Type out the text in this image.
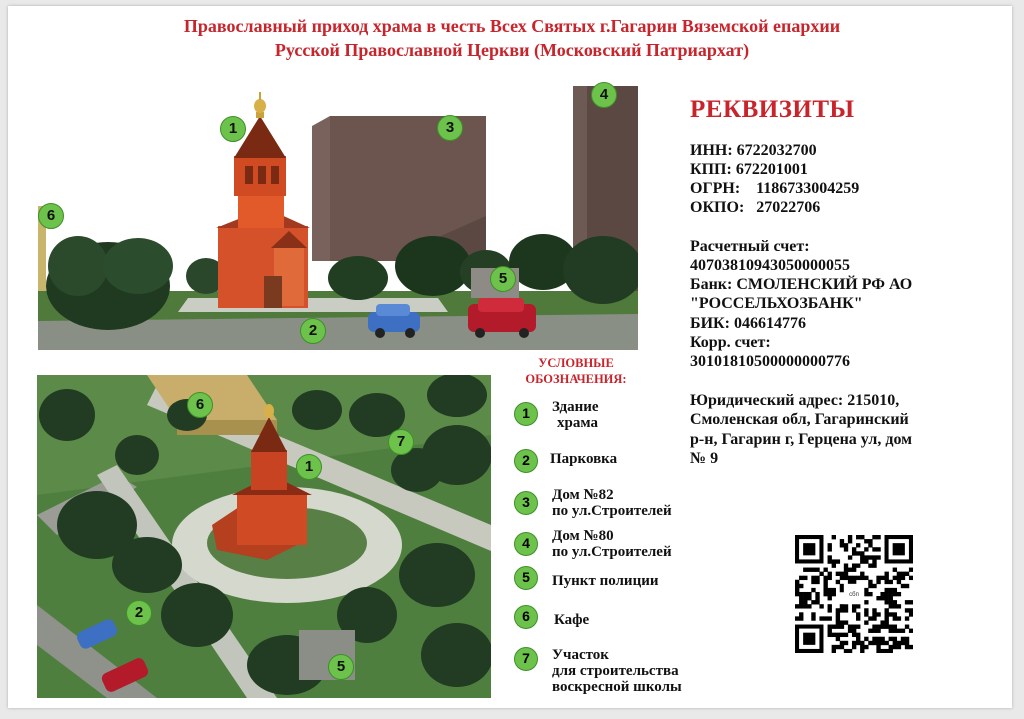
Православный приход храма в честь Всех Святых г.Гагарин Вяземской епархии
Русской Православной Церкви (Московский Патриархат)
1
2
3
4
5
6
1
2
5
6
7
УСЛОВНЫЕ
ОБОЗНАЧЕНИЯ:
1	Здание
храма
2	Парковка
3	Дом №82
по ул.Строителей
4	Дом №80
по ул.Строителей
5	Пункт полиции
6	Кафе
7	Участок
для строительства
воскресной школы
РЕКВИЗИТЫ
ИНН: 6722032700
КПП: 672201001
ОГРН:    1186733004259
ОКПО:   27022706
Расчетный счет:
40703810943050000055
Банк: СМОЛЕНСКИЙ РФ АО
"РОССЕЛЬХОЗБАНК"
БИК: 046614776
Корр. счет:
30101810500000000776
Юридический адрес: 215010,
Смоленская обл, Гагаринский
р-н, Гагарин г, Герцена ул, дом
№ 9
сбп
